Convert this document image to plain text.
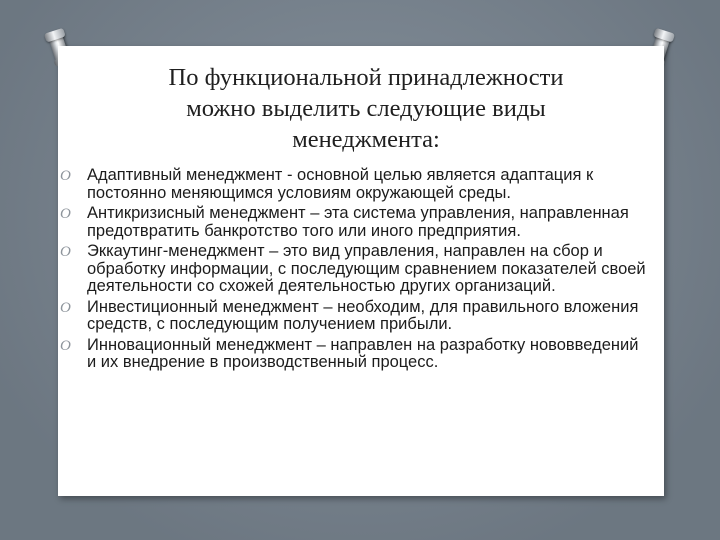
По функциональной принадлежности
можно выделить следующие виды
менеджмента:
O Адаптивный менеджмент - основной целью является адаптация к постоянно меняющимся условиям окружающей среды.
O Антикризисный менеджмент – эта система управления, направленная предотвратить банкротство того или иного предприятия.
O Эккаутинг-менеджмент – это вид управления, направлен на сбор и обработку информации, с последующим сравнением показателей своей деятельности со схожей деятельностью других организаций.
O Инвестиционный менеджмент – необходим, для правильного вложения средств, с последующим получением прибыли.
O Инновационный менеджмент – направлен на разработку нововведений и их внедрение в производственный процесс.
